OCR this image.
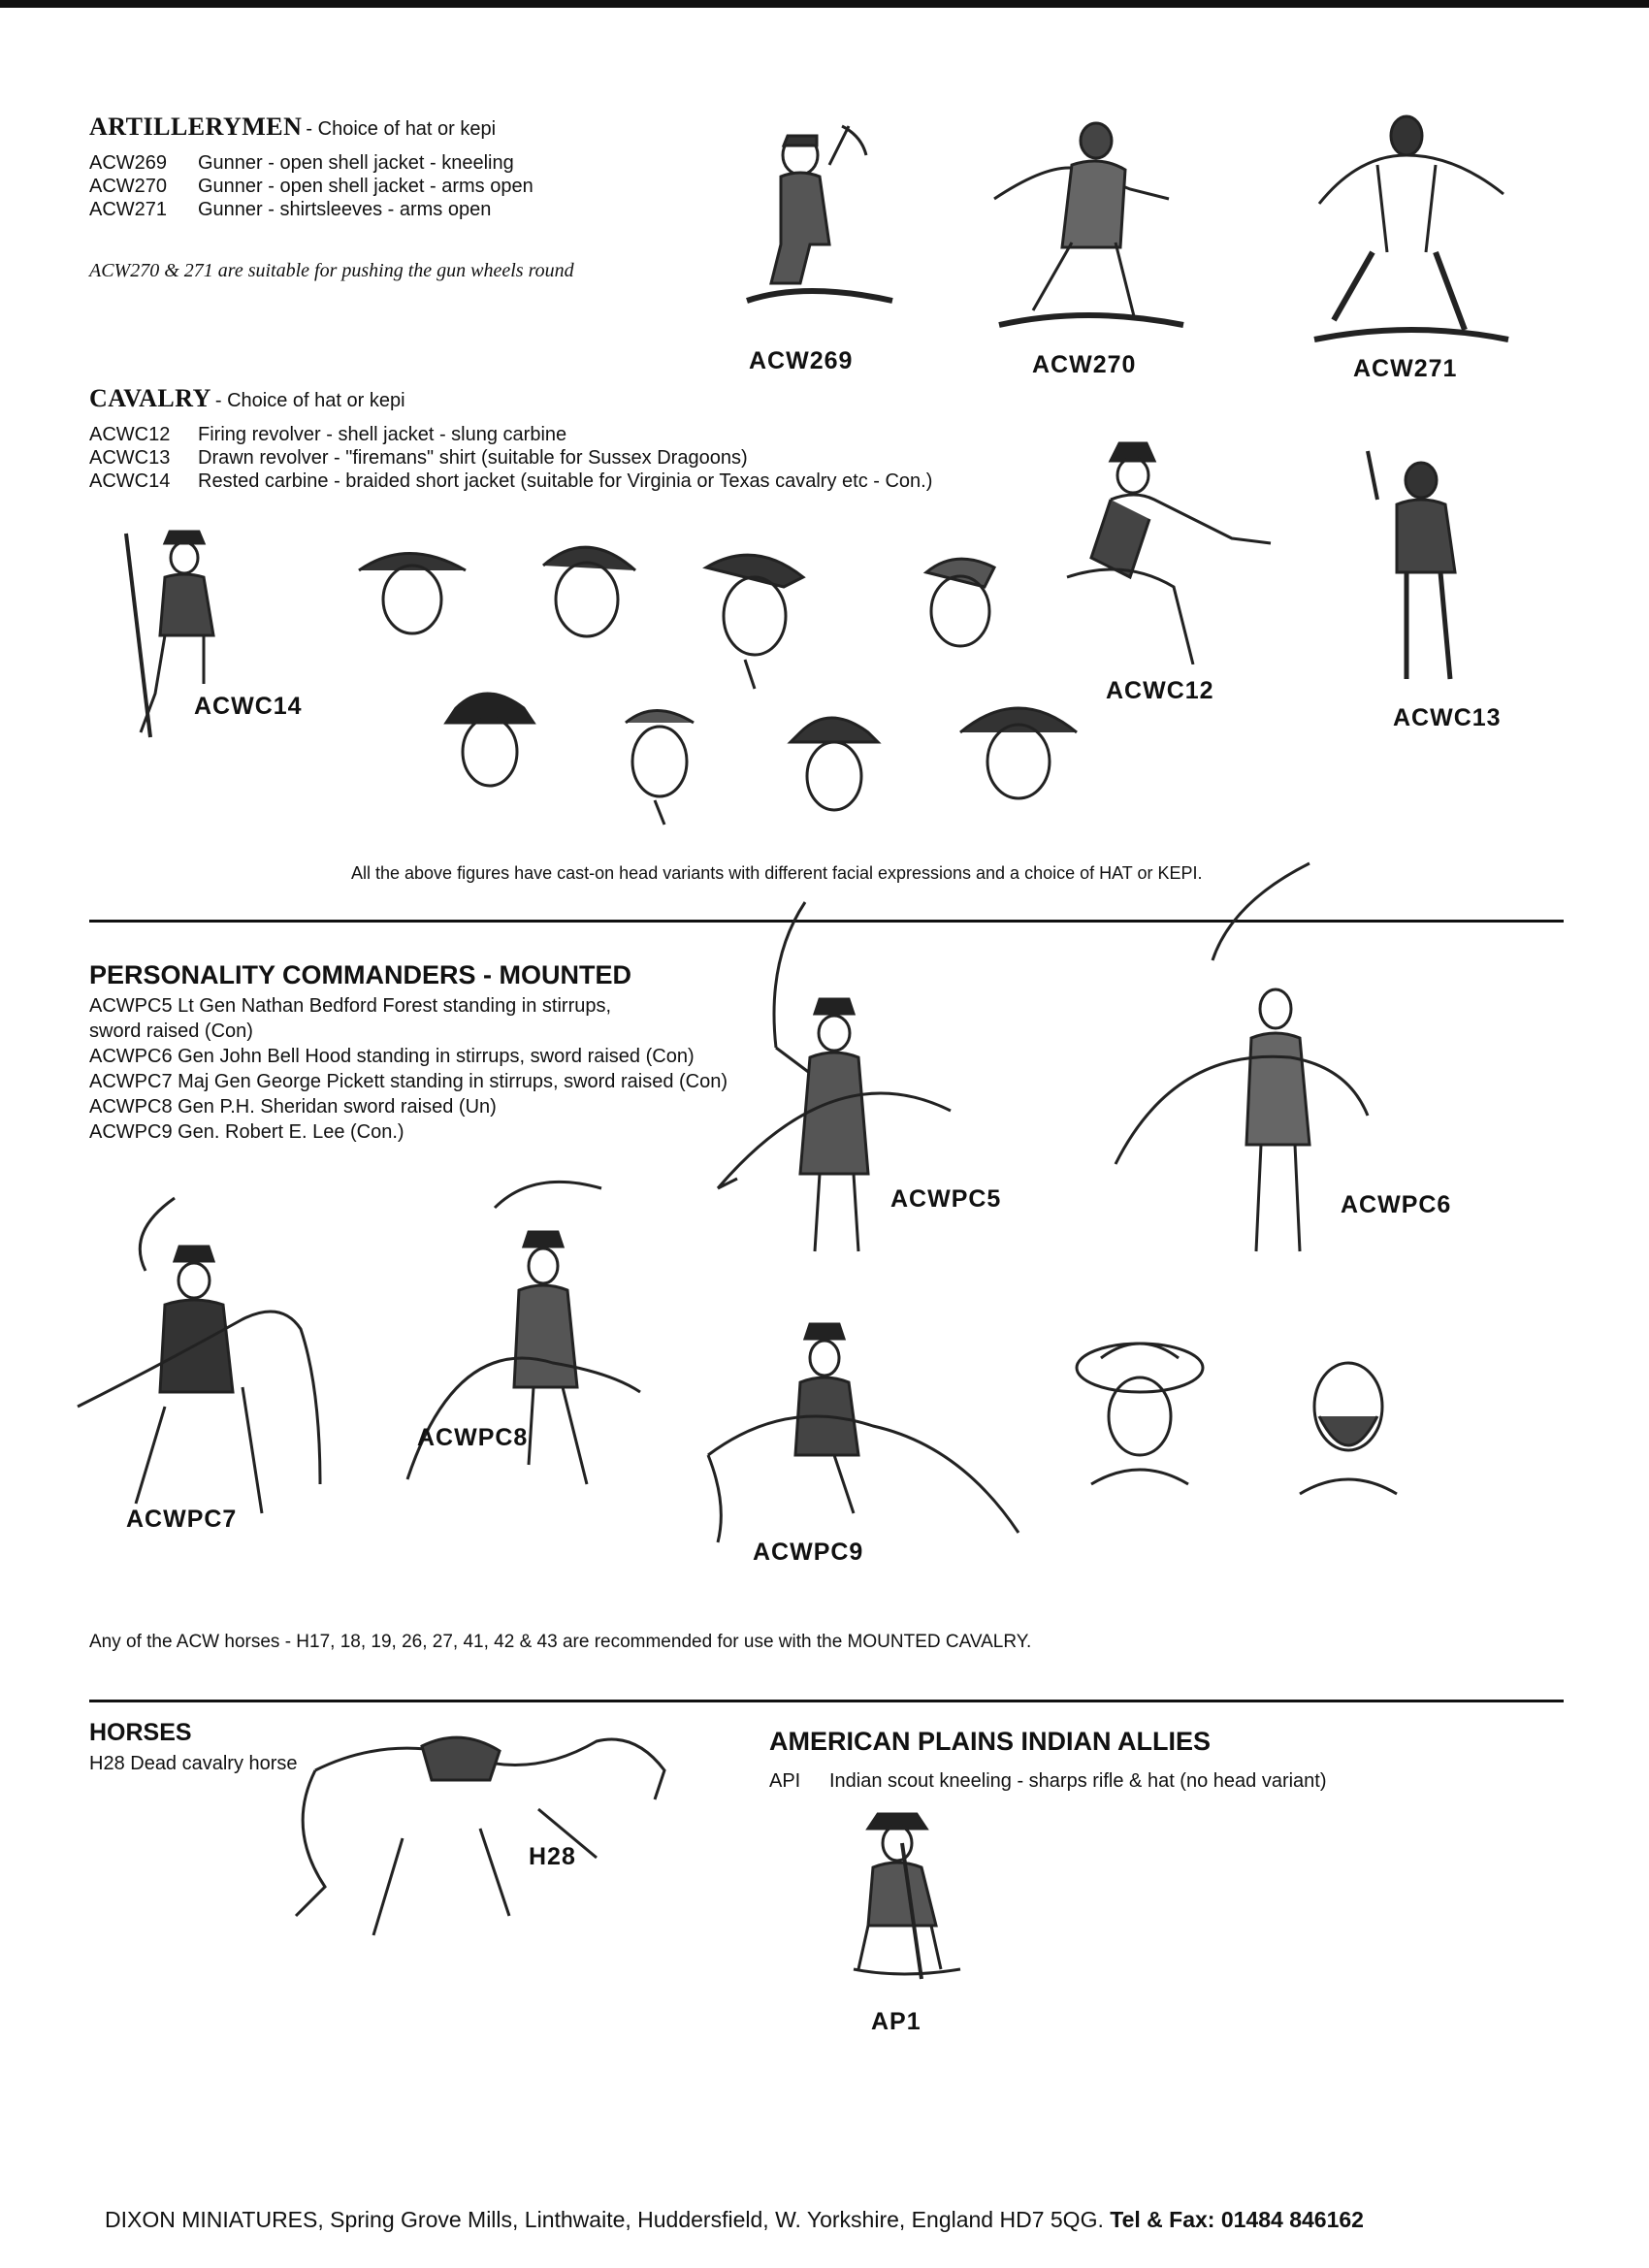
ARTILLERYMEN - Choice of hat or kepi
ACW269 Gunner - open shell jacket - kneeling
ACW270 Gunner - open shell jacket - arms open
ACW271 Gunner - shirtsleeves - arms open
ACW270 & 271 are suitable for pushing the gun wheels round
ACW269	ACW270	ACW271
CAVALRY - Choice of hat or kepi
ACWC12 Firing revolver - shell jacket - slung carbine
ACWC13 Drawn revolver - "firemans" shirt (suitable for Sussex Dragoons)
ACWC14 Rested carbine - braided short jacket (suitable for Virginia or Texas cavalry etc - Con.)
ACWC14
ACWC12
ACWC13
All the above figures have cast-on head variants with different facial expressions and a choice of HAT or KEPI.
PERSONALITY COMMANDERS - MOUNTED
ACWPC5 Lt Gen Nathan Bedford Forest standing in stirrups,
sword raised (Con)
ACWPC6 Gen John Bell Hood standing in stirrups, sword raised (Con)
ACWPC7 Maj Gen George Pickett standing in stirrups, sword raised (Con)
ACWPC8 Gen P.H. Sheridan sword raised (Un)
ACWPC9 Gen. Robert E. Lee (Con.)
ACWPC5	ACWPC6
ACWPC7
ACWPC8
ACWPC9
Any of the ACW horses - H17, 18, 19, 26, 27, 41, 42 & 43 are recommended for use with the MOUNTED CAVALRY.
HORSES
H28 Dead cavalry horse
H28
AMERICAN PLAINS INDIAN ALLIES
API Indian scout kneeling - sharps rifle & hat (no head variant)
AP1
DIXON MINIATURES, Spring Grove Mills, Linthwaite, Huddersfield, W. Yorkshire, England HD7 5QG. Tel & Fax: 01484 846162
